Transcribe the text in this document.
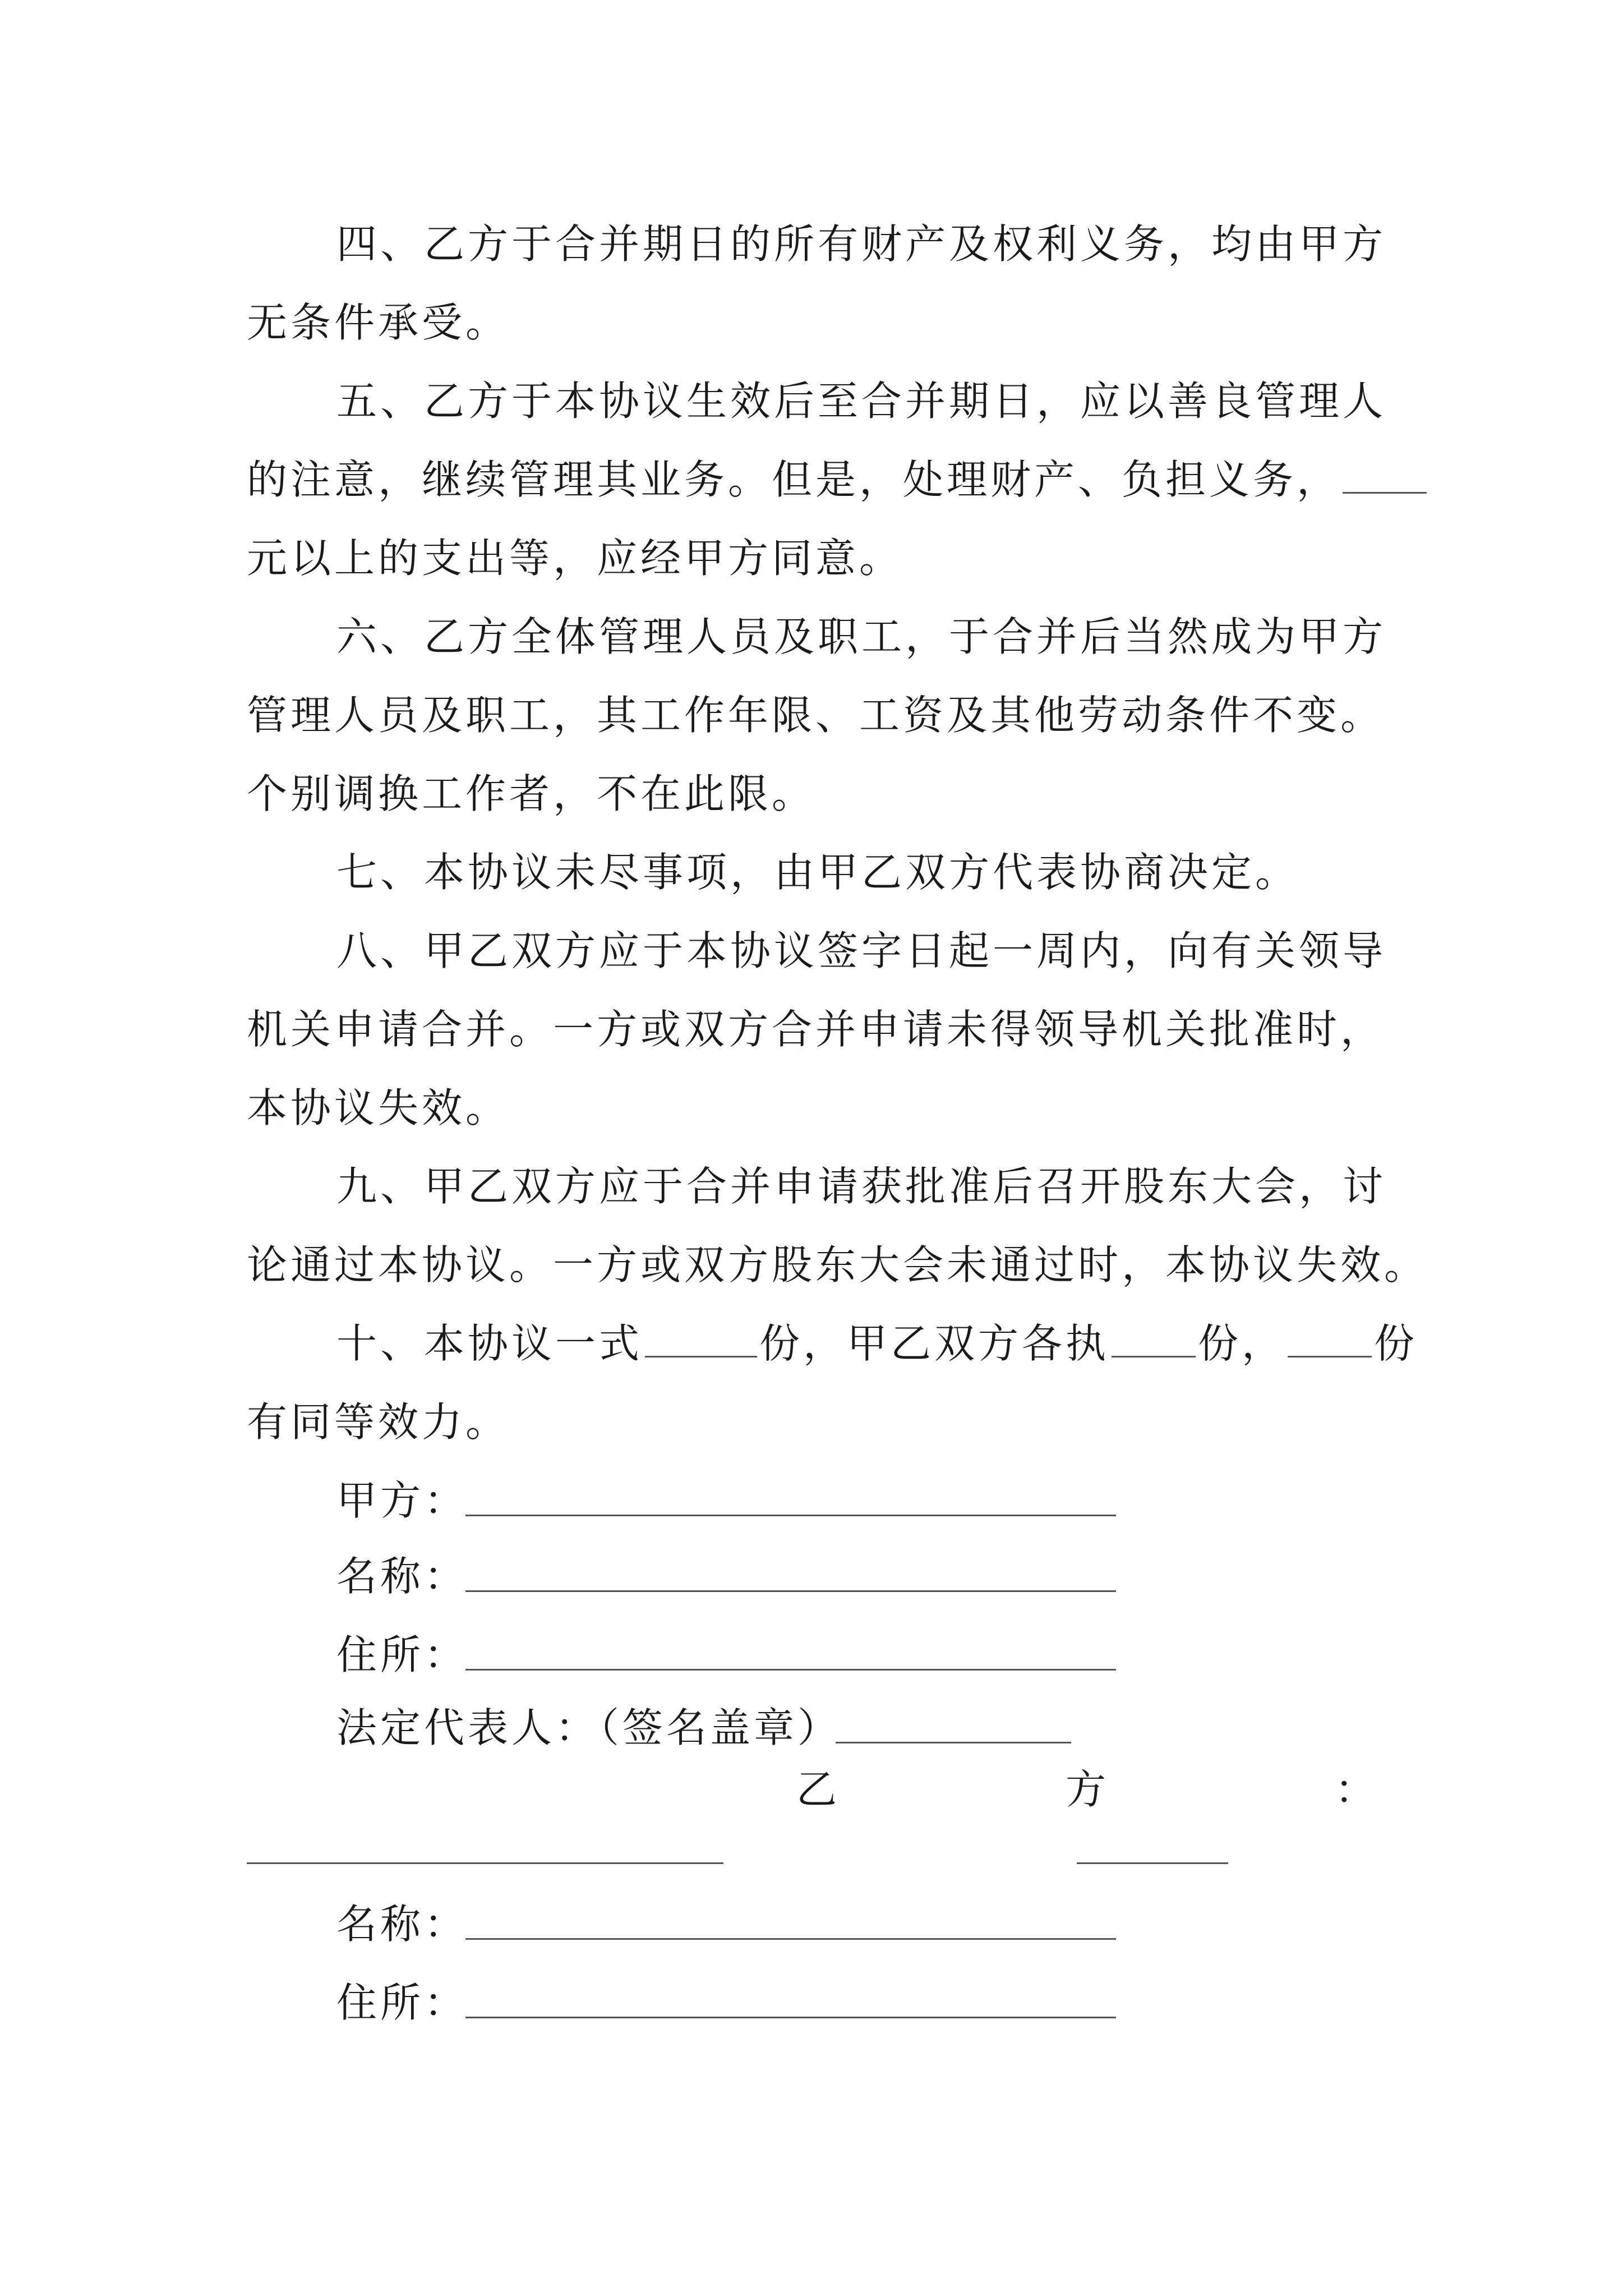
四、乙方于合并期日的所有财产及权利义务，均由甲方
无条件承受。
五、乙方于本协议生效后至合并期日，应以善良管理人
的注意，继续管理其业务。但是，处理财产、负担义务，
元以上的支出等，应经甲方同意。
六、乙方全体管理人员及职工，于合并后当然成为甲方
管理人员及职工，其工作年限、工资及其他劳动条件不变。
个别调换工作者，不在此限。
七、本协议未尽事项，由甲乙双方代表协商决定。
八、甲乙双方应于本协议签字日起一周内，向有关领导
机关申请合并。一方或双方合并申请未得领导机关批准时，
本协议失效。
九、甲乙双方应于合并申请获批准后召开股东大会，讨
论通过本协议。一方或双方股东大会未通过时，本协议失效。
十、本协议一式	份，甲乙双方各执 份， 份
有同等效力。
甲方：
名称：
住所：
法定代表人：（签名盖章）
乙	方	：
名称：
住所：
